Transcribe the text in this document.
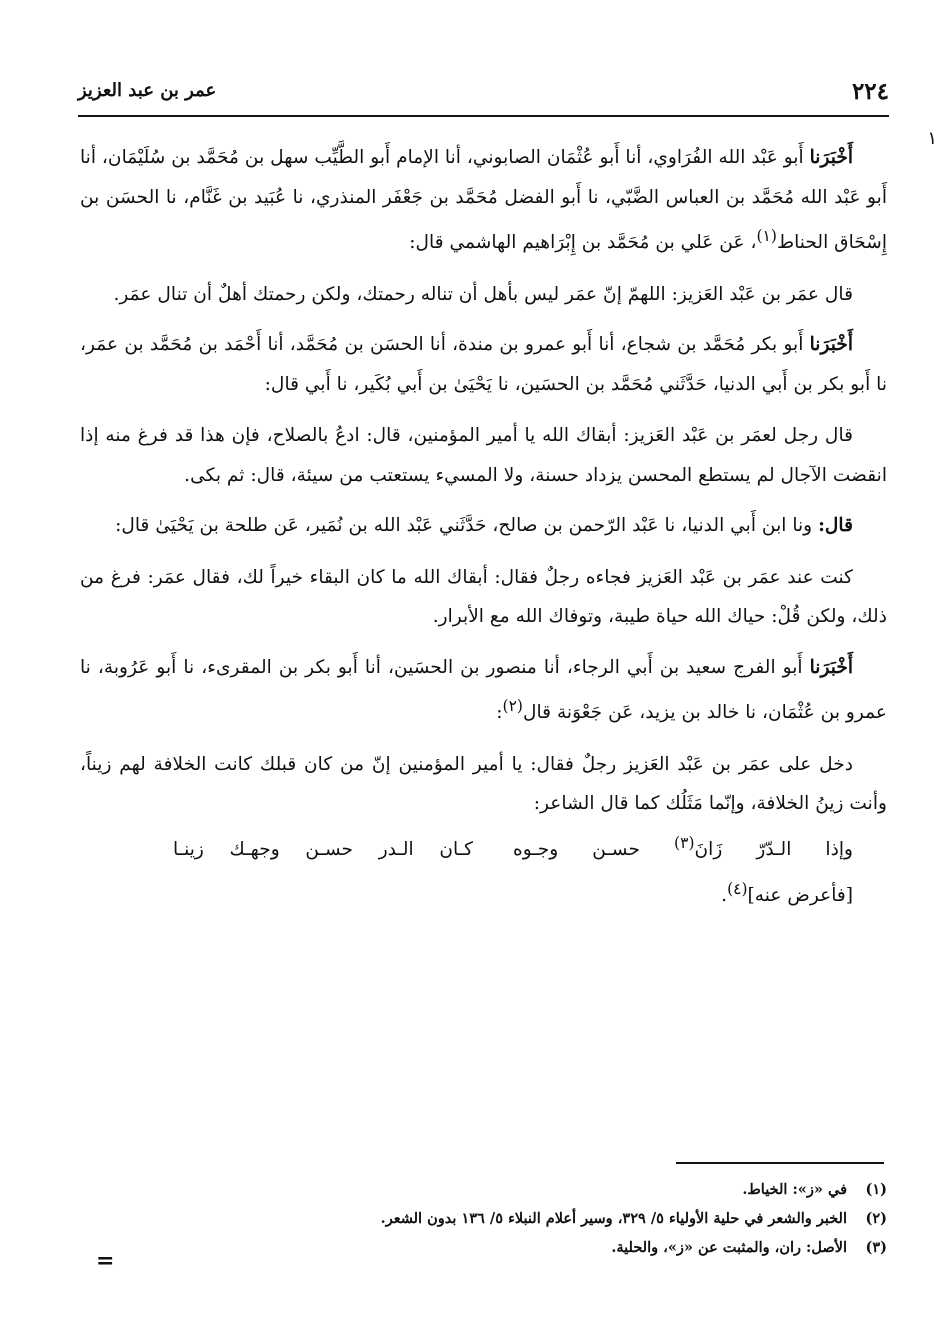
٢٢٤
عمر بن عبد العزيز
١

أَخْبَرَنا أَبو عَبْد الله الفُرَاوي، أنا أَبو عُثْمَان الصابوني، أنا الإمام أَبو الطَّيِّب سهل بن مُحَمَّد بن سُلَيْمَان، أنا أَبو عَبْد الله مُحَمَّد بن العباس الضَّبّي، نا أَبو الفضل مُحَمَّد بن جَعْفَر المنذري، نا عُبَيد بن غَنَّام، نا الحسَن بن إِسْحَاق الحناط$^{(١)}$، عَن عَلي بن مُحَمَّد بن إِبْرَاهيم الهاشمي قال:

قال عمَر بن عَبْد العَزيز: اللهمّ إنّ عمَر ليس بأهل أن تناله رحمتك، ولكن رحمتك أهلٌ أن تنال عمَر.

أَخْبَرَنا أَبو بكر مُحَمَّد بن شجاع، أنا أَبو عمرو بن مندة، أنا الحسَن بن مُحَمَّد، أنا أَحْمَد بن مُحَمَّد بن عمَر، نا أَبو بكر بن أَبي الدنيا، حَدَّثَني مُحَمَّد بن الحسَين، نا يَحْيَىٰ بن أَبي بُكَير، نا أَبي قال:

قال رجل لعمَر بن عَبْد العَزيز: أبقاك الله يا أمير المؤمنين، قال: ادعُ بالصلاح، فإن هذا قد فرغ منه إذا انقضت الآجال لم يستطع المحسن يزداد حسنة، ولا المسيء يستعتب من سيئة، قال: ثم بكى.

قال: ونا ابن أَبي الدنيا، نا عَبْد الرّحمن بن صالح، حَدَّثَني عَبْد الله بن نُمَير، عَن طلحة بن يَحْيَىٰ قال:

كنت عند عمَر بن عَبْد العَزيز فجاءه رجلٌ فقال: أبقاك الله ما كان البقاء خيراً لك، فقال عمَر: فرغ من ذلك، ولكن قُلْ: حياك الله حياة طيبة، وتوفاك الله مع الأبرار.

أَخْبَرَنا أَبو الفرج سعيد بن أَبي الرجاء، أنا منصور بن الحسَين، أنا أَبو بكر بن المقرىء، نا أَبو عَرُوبة، نا عمرو بن عُثْمَان، نا خالد بن يزيد، عَن جَعْوَنة قال$^{(٢)}$:

دخل على عمَر بن عَبْد العَزيز رجلٌ فقال: يا أمير المؤمنين إنّ من كان قبلك كانت الخلافة لهم زيناً، وأنت زينُ الخلافة، وإنّما مَثَلُك كما قال الشاعر:

وإذا الـدّرّ زَانَ$^{(٣)}$ حسـن وجـوهكـان الـدر حسـن وجهـك زينـا
[فأعرض عنه]$^{(٤)}$.
(١)في «ز»: الخياط.
(٢)الخبر والشعر في حلية الأولياء ٥/ ٣٢٩، وسير أعلام النبلاء ٥/ ١٣٦ بدون الشعر.
(٣)الأصل: ران، والمثبت عن «ز»، والحلية.
=
